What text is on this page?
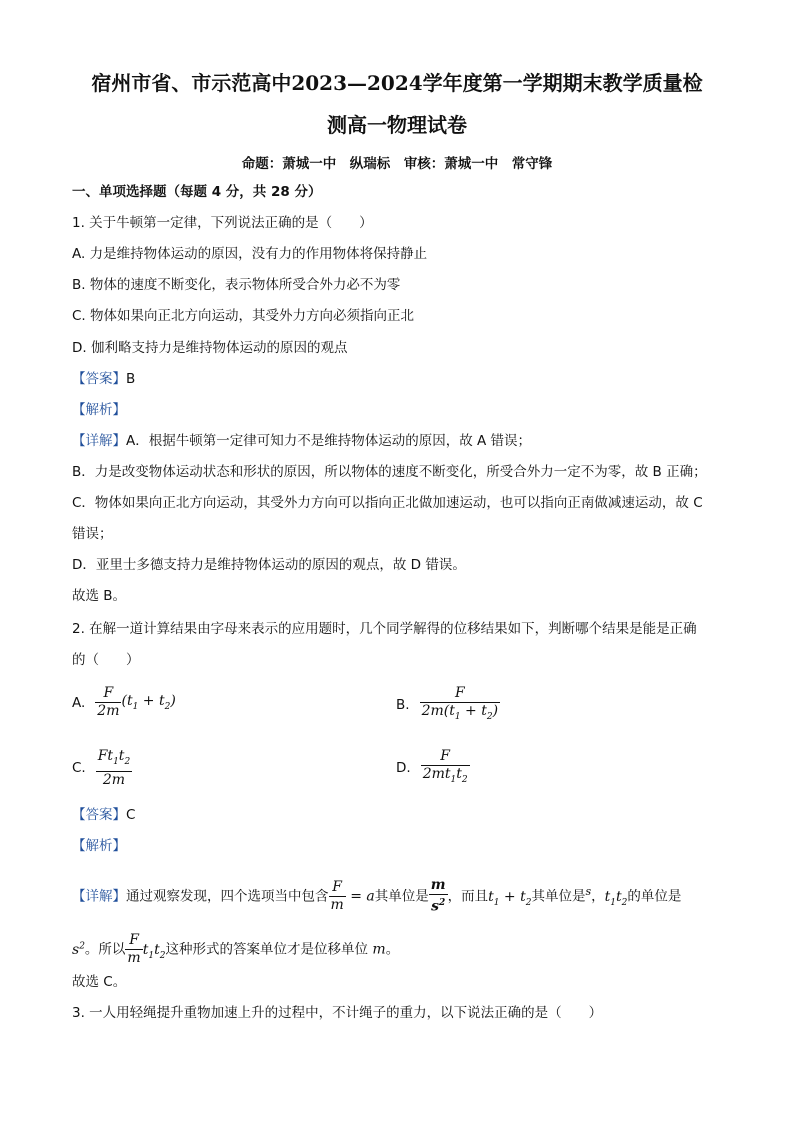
宿州市省、市示范高中2023—2024学年度第一学期期末教学质量检
测高一物理试卷
命题：萧城一中　纵瑞标　审核：萧城一中　常守锋
一、单项选择题（每题 4 分，共 28 分）
1. 关于牛顿第一定律，下列说法正确的是（　　）
A. 力是维持物体运动的原因，没有力的作用物体将保持静止
B. 物体的速度不断变化，表示物体所受合外力必不为零
C. 物体如果向正北方向运动，其受外力方向必须指向正北
D. 伽利略支持力是维持物体运动的原因的观点
【答案】B
【解析】
【详解】A．根据牛顿第一定律可知力不是维持物体运动的原因，故 A 错误；
B．力是改变物体运动状态和形状的原因，所以物体的速度不断变化，所受合外力一定不为零，故 B 正确；
C．物体如果向正北方向运动，其受外力方向可以指向正北做加速运动，也可以指向正南做减速运动，故 C
错误；
D．亚里士多德支持力是维持物体运动的原因的观点，故 D 错误。
故选 B。
2. 在解一道计算结果由字母来表示的应用题时，几个同学解得的位移结果如下，判断哪个结果是能是正确
的（　　）
A. $\frac{F}{2m} (t_1 + t_2)$	B. $\frac{F}{2m(t_1 + t_2)}$
C. $\frac{Ft_1t_2}{2m}$	D. $\frac{F}{2mt_1t_2}$
【答案】C
【解析】
【详解】通过观察发现，四个选项当中包含 $\frac{F}{m} = a$其单位是 $\frac{m}{s^2}$ ，而且$t_1 + t_2$其单位是$^s$，$t_1t_2$的单位是
$s^2$。所以 $\frac{F}{m} t_1t_2$这种形式的答案单位才是位移单位 m。
故选 C。
3. 一人用轻绳提升重物加速上升的过程中，不计绳子的重力，以下说法正确的是（　　）
